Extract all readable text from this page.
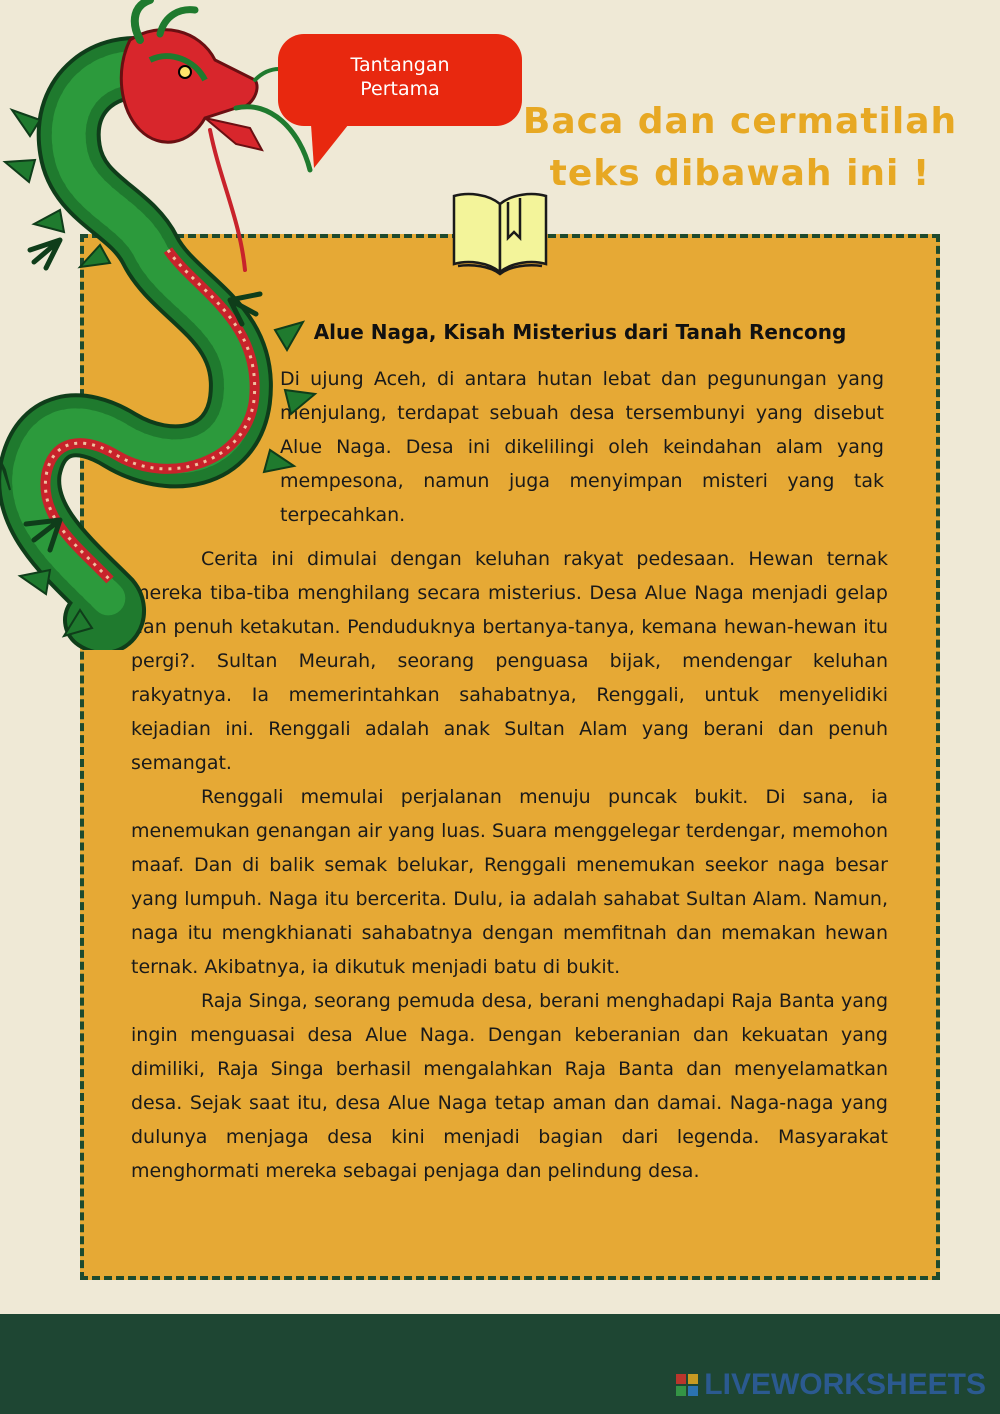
Tantangan
Pertama
Baca dan cermatilah
teks dibawah ini !
Alue Naga, Kisah Misterius dari Tanah Rencong

Di ujung Aceh, di antara hutan lebat dan pegunungan yang menjulang, terdapat sebuah desa tersembunyi yang disebut Alue Naga. Desa ini dikelilingi oleh keindahan alam yang mempesona, namun juga menyimpan misteri yang tak terpecahkan.

Cerita ini dimulai dengan keluhan rakyat pedesaan. Hewan ternak mereka tiba-tiba menghilang secara misterius. Desa Alue Naga menjadi gelap dan penuh ketakutan. Penduduknya bertanya-tanya, kemana hewan-hewan itu pergi?. Sultan Meurah, seorang penguasa bijak, mendengar keluhan rakyatnya. Ia memerintahkan sahabatnya, Renggali, untuk menyelidiki kejadian ini. Renggali adalah anak Sultan Alam yang berani dan penuh semangat.

Renggali memulai perjalanan menuju puncak bukit. Di sana, ia menemukan genangan air yang luas. Suara menggelegar terdengar, memohon maaf. Dan di balik semak belukar, Renggali menemukan seekor naga besar yang lumpuh. Naga itu bercerita. Dulu, ia adalah sahabat Sultan Alam. Namun, naga itu mengkhianati sahabatnya dengan memfitnah dan memakan hewan ternak. Akibatnya, ia dikutuk menjadi batu di bukit.

Raja Singa, seorang pemuda desa, berani menghadapi Raja Banta yang ingin menguasai desa Alue Naga. Dengan keberanian dan kekuatan yang dimiliki, Raja Singa berhasil mengalahkan Raja Banta dan menyelamatkan desa. Sejak saat itu, desa Alue Naga tetap aman dan damai. Naga-naga yang dulunya menjaga desa kini menjadi bagian dari legenda. Masyarakat menghormati mereka sebagai penjaga dan pelindung desa.

LIVEWORKSHEETS
